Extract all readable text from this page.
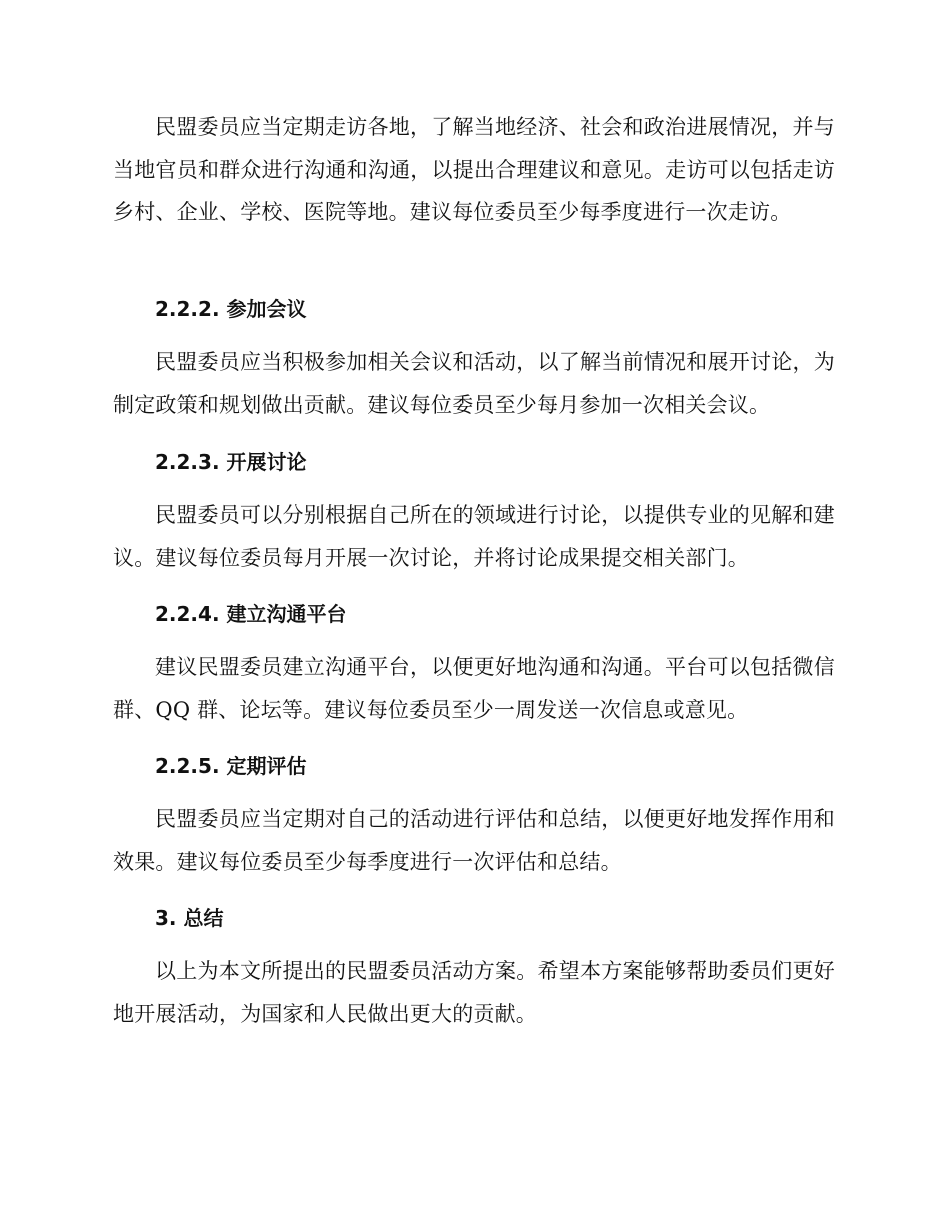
民盟委员应当定期走访各地，了解当地经济、社会和政治进展情况，并与当地官员和群众进行沟通和沟通，以提出合理建议和意见。走访可以包括走访乡村、企业、学校、医院等地。建议每位委员至少每季度进行一次走访。

2.2.2. 参加会议

民盟委员应当积极参加相关会议和活动，以了解当前情况和展开讨论，为制定政策和规划做出贡献。建议每位委员至少每月参加一次相关会议。

2.2.3. 开展讨论

民盟委员可以分别根据自己所在的领域进行讨论，以提供专业的见解和建议。建议每位委员每月开展一次讨论，并将讨论成果提交相关部门。

2.2.4. 建立沟通平台

建议民盟委员建立沟通平台，以便更好地沟通和沟通。平台可以包括微信群、QQ 群、论坛等。建议每位委员至少一周发送一次信息或意见。

2.2.5. 定期评估

民盟委员应当定期对自己的活动进行评估和总结，以便更好地发挥作用和效果。建议每位委员至少每季度进行一次评估和总结。

3. 总结

以上为本文所提出的民盟委员活动方案。希望本方案能够帮助委员们更好地开展活动，为国家和人民做出更大的贡献。
